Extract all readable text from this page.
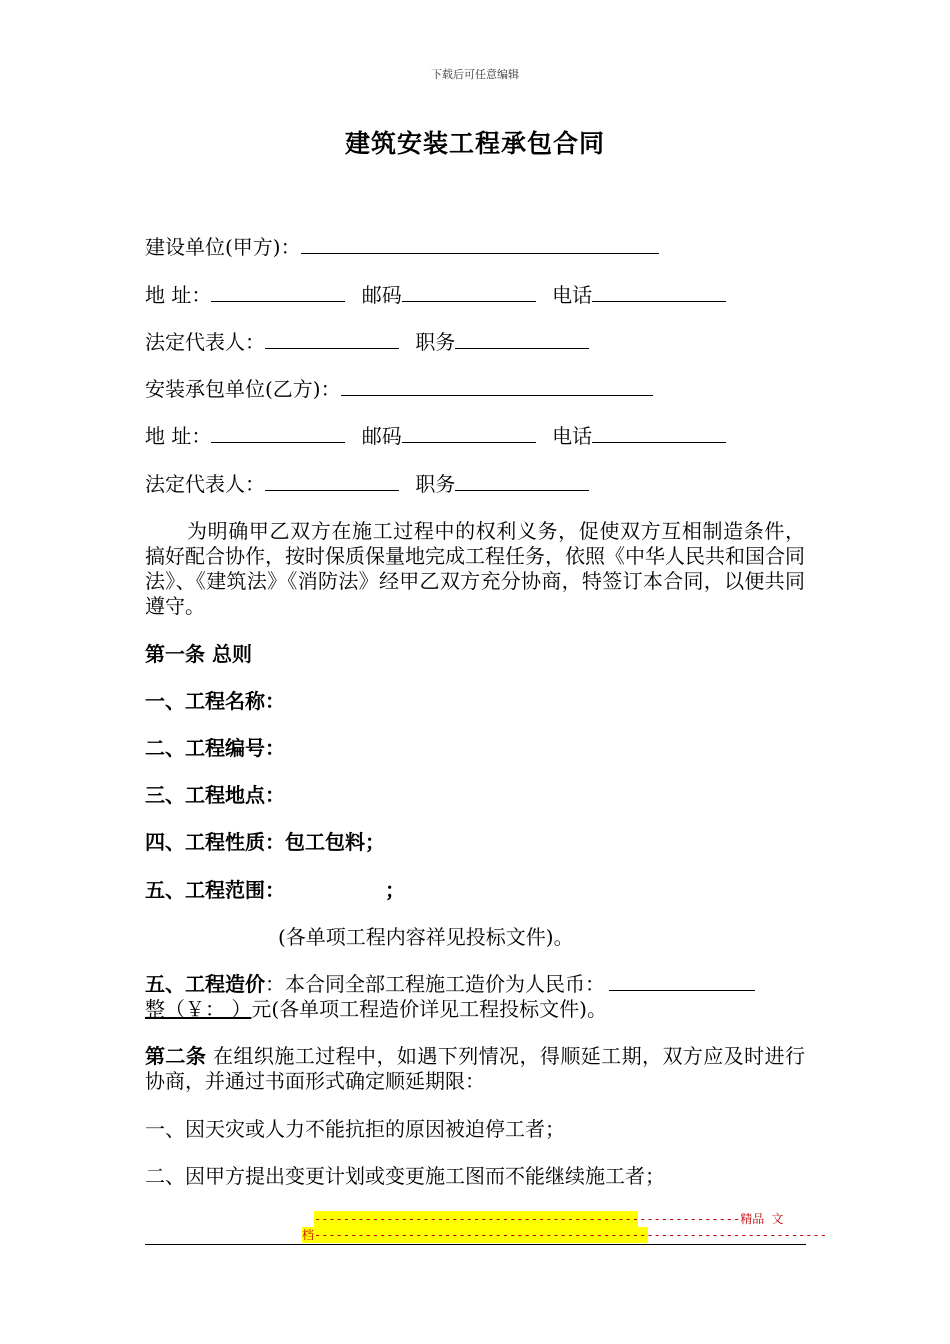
下载后可任意编辑
建筑安装工程承包合同
建设单位(甲方)：
地 址：	邮码	电话
法定代表人：	职务
安装承包单位(乙方)：
地 址：	邮码	电话
法定代表人：	职务
为明确甲乙双方在施工过程中的权利义务，促使双方互相制造条件，搞好配合协作，按时保质保量地完成工程任务，依照《中华人民共和国合同法》、《建筑法》《消防法》经甲乙双方充分协商，特签订本合同，以便共同遵守。
第一条 总则
一、工程名称：
二、工程编号：
三、工程地点：
四、工程性质：包工包料；
五、工程范围：	；
(各单项工程内容祥见投标文件)。
五、工程造价：本合同全部工程施工造价为人民币：
整（￥： ）元(各单项工程造价详见工程投标文件)。
第二条 在组织施工过程中，如遇下列情况，得顺延工期，双方应及时进行协商，并通过书面形式确定顺延期限：
一、因天灾或人力不能抗拒的原因被迫停工者；
二、因甲方提出变更计划或变更施工图而不能继续施工者；
-----------------------------------------------------------精品 文
档-----------------------------------------------------------------------
